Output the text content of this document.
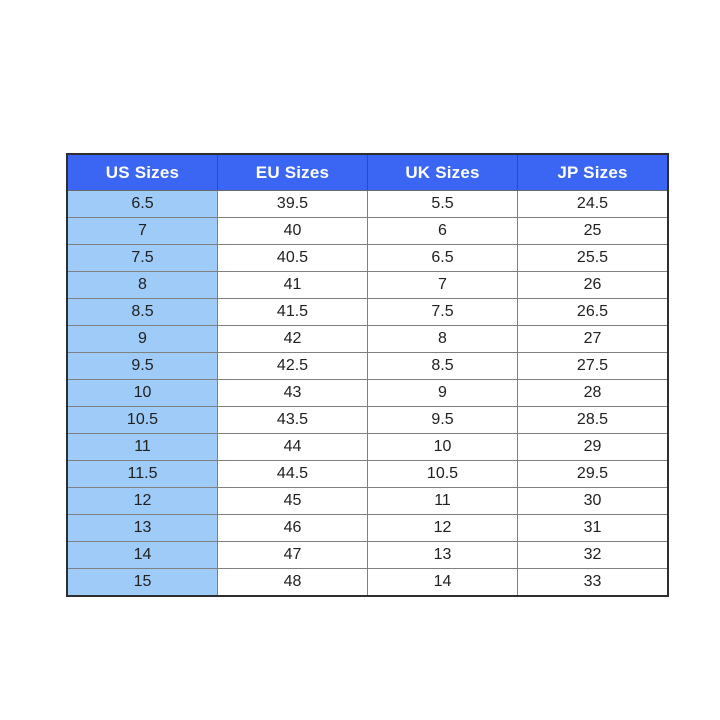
US Sizes	EU Sizes	UK Sizes	JP Sizes
6.5	39.5	5.5	24.5
7	40	6	25
7.5	40.5	6.5	25.5
8	41	7	26
8.5	41.5	7.5	26.5
9	42	8	27
9.5	42.5	8.5	27.5
10	43	9	28
10.5	43.5	9.5	28.5
11	44	10	29
11.5	44.5	10.5	29.5
12	45	11	30
13	46	12	31
14	47	13	32
15	48	14	33
